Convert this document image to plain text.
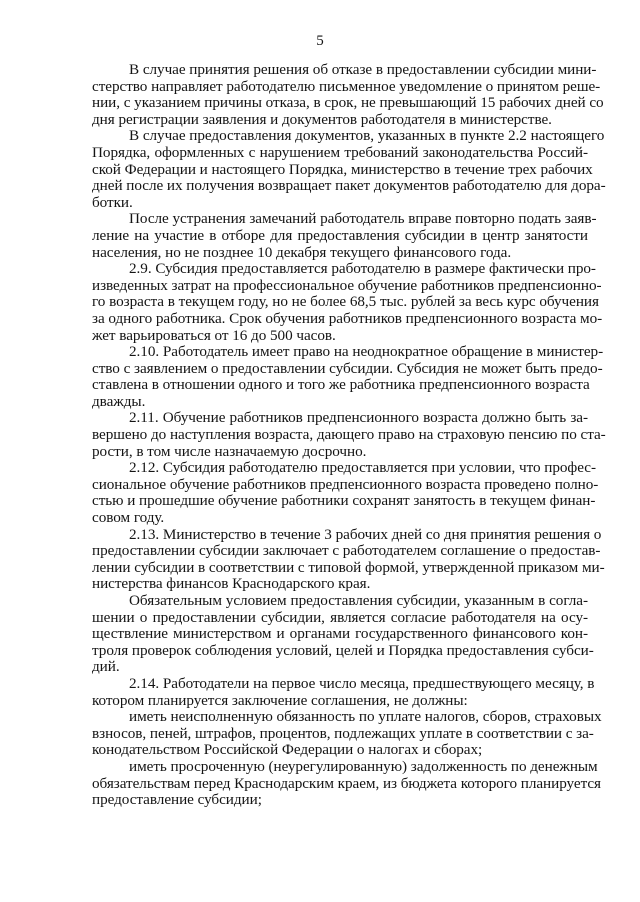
5
В случае принятия решения об отказе в предоставлении субсидии мини-
стерство направляет работодателю письменное уведомление о принятом реше-
нии, с указанием причины отказа, в срок, не превышающий 15 рабочих дней со
дня регистрации заявления и документов работодателя в министерстве.
В случае предоставления документов, указанных в пункте 2.2 настоящего
Порядка, оформленных с нарушением требований законодательства Россий-
ской Федерации и настоящего Порядка, министерство в течение трех рабочих
дней после их получения возвращает пакет документов работодателю для дора-
ботки.
После устранения замечаний работодатель вправе повторно подать заяв-
ление на участие в отборе для предоставления субсидии в центр занятости
населения, но не позднее 10 декабря текущего финансового года.
2.9. Субсидия предоставляется работодателю в размере фактически про-
изведенных затрат на профессиональное обучение работников предпенсионно-
го возраста в текущем году, но не более 68,5 тыс. рублей за весь курс обучения
за одного работника. Срок обучения работников предпенсионного возраста мо-
жет варьироваться от 16 до 500 часов.
2.10. Работодатель имеет право на неоднократное обращение в министер-
ство с заявлением о предоставлении субсидии. Субсидия не может быть предо-
ставлена в отношении одного и того же работника предпенсионного возраста
дважды.
2.11. Обучение работников предпенсионного возраста должно быть за-
вершено до наступления возраста, дающего право на страховую пенсию по ста-
рости, в том числе назначаемую досрочно.
2.12. Субсидия работодателю предоставляется при условии, что профес-
сиональное обучение работников предпенсионного возраста проведено полно-
стью и прошедшие обучение работники сохранят занятость в текущем финан-
совом году.
2.13. Министерство в течение 3 рабочих дней со дня принятия решения о
предоставлении субсидии заключает с работодателем соглашение о предостав-
лении субсидии в соответствии с типовой формой, утвержденной приказом ми-
нистерства финансов Краснодарского края.
Обязательным условием предоставления субсидии, указанным в согла-
шении о предоставлении субсидии, является согласие работодателя на осу-
ществление министерством и органами государственного финансового кон-
троля проверок соблюдения условий, целей и Порядка предоставления субси-
дий.
2.14. Работодатели на первое число месяца, предшествующего месяцу, в
котором планируется заключение соглашения, не должны:
иметь неисполненную обязанность по уплате налогов, сборов, страховых
взносов, пеней, штрафов, процентов, подлежащих уплате в соответствии с за-
конодательством Российской Федерации о налогах и сборах;
иметь просроченную (неурегулированную) задолженность по денежным
обязательствам перед Краснодарским краем, из бюджета которого планируется
предоставление субсидии;
